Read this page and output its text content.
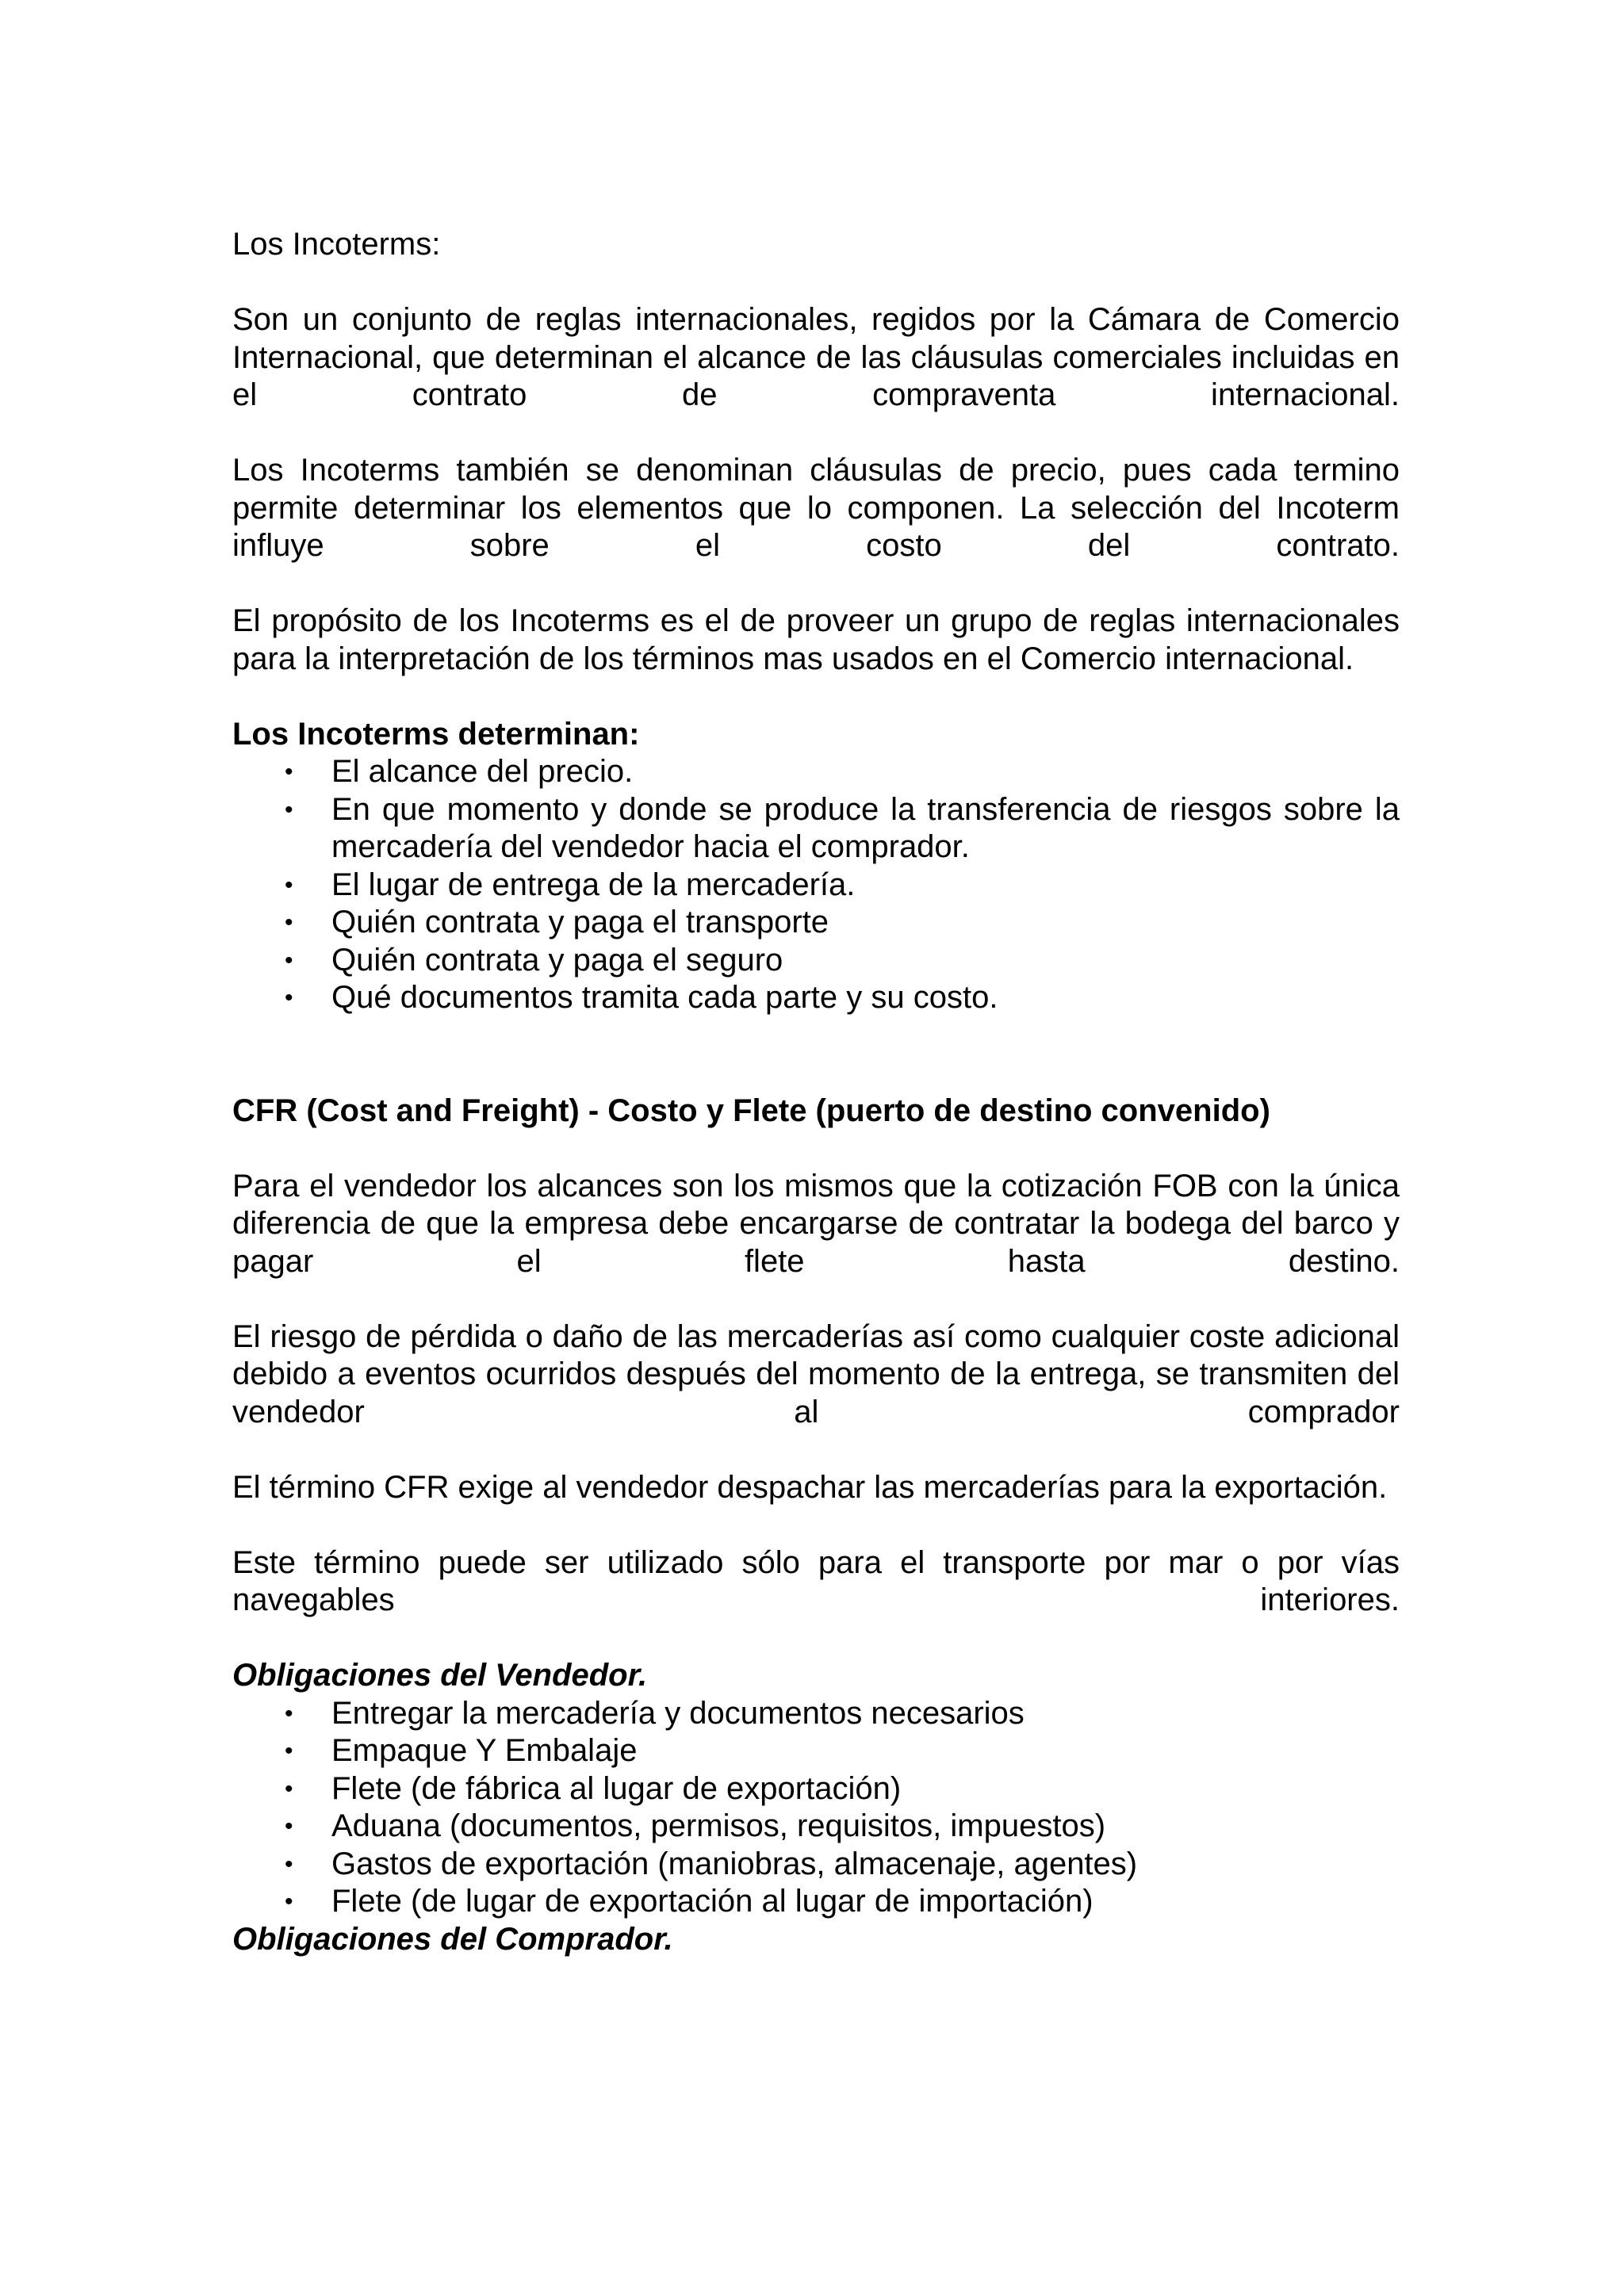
Los Incoterms:

Son un conjunto de reglas internacionales, regidos por la Cámara de Comercio Internacional, que determinan el alcance de las cláusulas comerciales incluidas en el contrato de compraventa internacional.

Los Incoterms también se denominan cláusulas de precio, pues cada termino permite determinar los elementos que lo componen. La selección del Incoterm influye sobre el costo del contrato.

El propósito de los Incoterms es el de proveer un grupo de reglas internacionales para la interpretación de los términos mas usados en el Comercio internacional.

Los Incoterms determinan:

• El alcance del precio.
• En que momento y donde se produce la transferencia de riesgos sobre la mercadería del vendedor hacia el comprador.
• El lugar de entrega de la mercadería.
• Quién contrata y paga el transporte
• Quién contrata y paga el seguro
• Qué documentos tramita cada parte y su costo.

CFR (Cost and Freight) - Costo y Flete (puerto de destino convenido)

Para el vendedor los alcances son los mismos que la cotización FOB con la única diferencia de que la empresa debe encargarse de contratar la bodega del barco y pagar el flete hasta destino.

El riesgo de pérdida o daño de las mercaderías así como cualquier coste adicional debido a eventos ocurridos después del momento de la entrega, se transmiten del vendedor al comprador

El término CFR exige al vendedor despachar las mercaderías para la exportación.

Este término puede ser utilizado sólo para el transporte por mar o por vías navegables interiores.

Obligaciones del Vendedor.

• Entregar la mercadería y documentos necesarios
• Empaque Y Embalaje
• Flete (de fábrica al lugar de exportación)
• Aduana (documentos, permisos, requisitos, impuestos)
• Gastos de exportación (maniobras, almacenaje, agentes)
• Flete (de lugar de exportación al lugar de importación)

Obligaciones del Comprador.
